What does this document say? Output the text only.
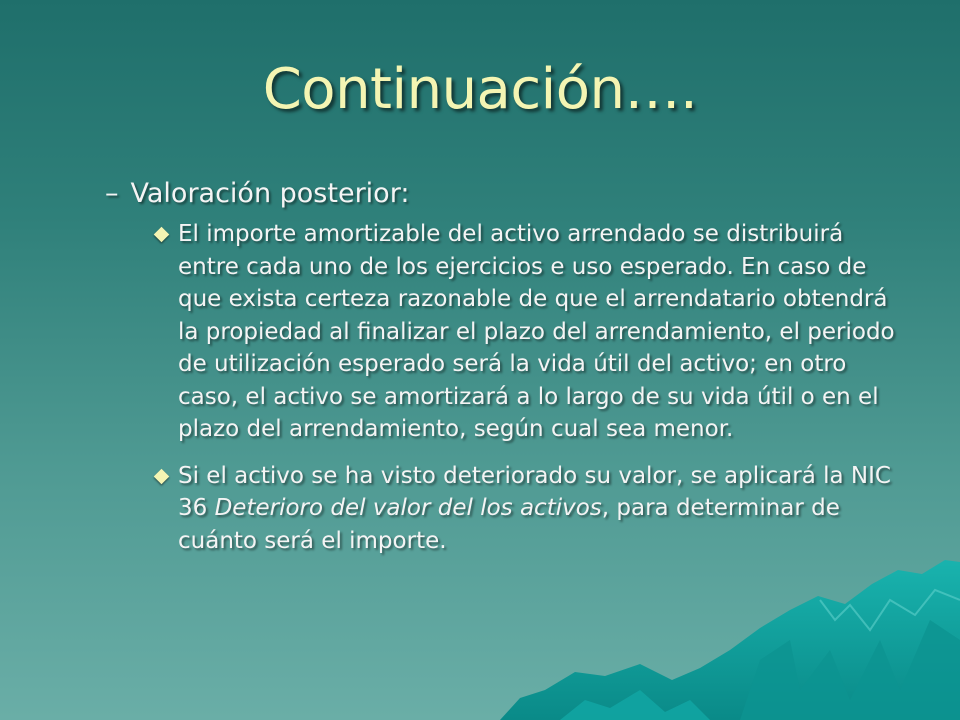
Continuación….
– Valoración posterior:
El importe amortizable del activo arrendado se distribuirá entre cada uno de los ejercicios e uso esperado. En caso de que exista certeza razonable de que el arrendatario obtendrá la propiedad al finalizar el plazo del arrendamiento, el periodo de utilización esperado será la vida útil del activo; en otro caso, el activo se amortizará a lo largo de su vida útil o en el plazo del arrendamiento, según cual sea menor.
Si el activo se ha visto deteriorado su valor, se aplicará la NIC 36 Deterioro del valor del los activos, para determinar de cuánto será el importe.
